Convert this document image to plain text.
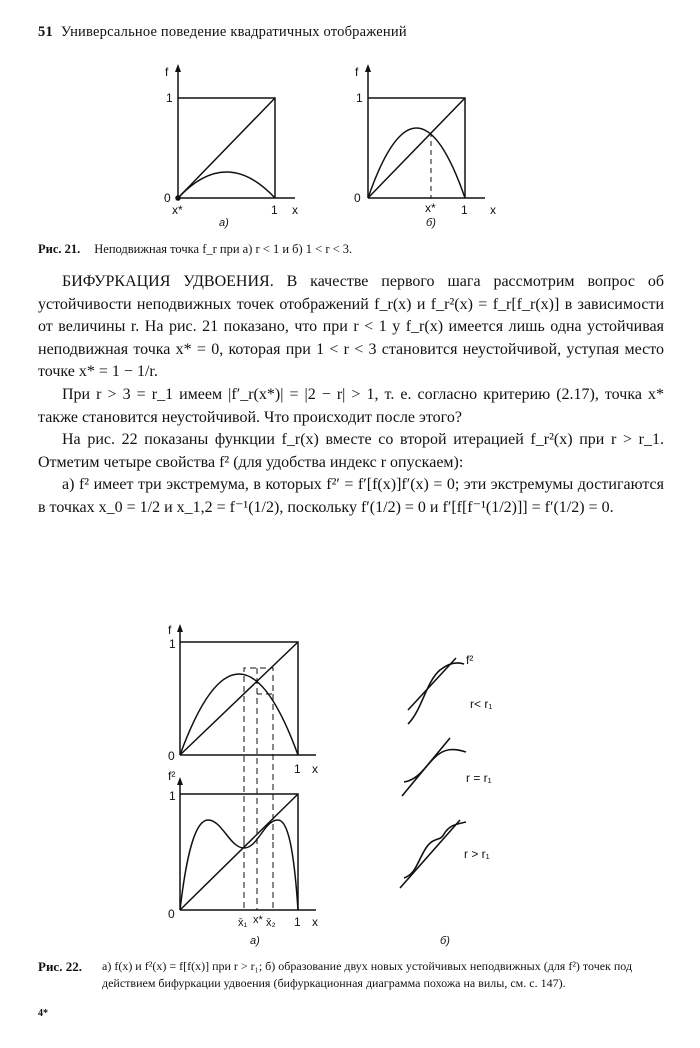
51 Универсальное поведение квадратичных отображений
f
1
0
x*	1 x
а)
f
1
0
x* 1 x
б)
Рис. 21. Неподвижная точка f_r при а) r < 1 и б) 1 < r < 3.

БИФУРКАЦИЯ УДВОЕНИЯ. В качестве первого шага рассмотрим вопрос об устойчивости неподвижных точек отображений f_r(x) и f_r²(x) = f_r[f_r(x)] в зависимости от величины r. На рис. 21 показано, что при r < 1 у f_r(x) имеется лишь одна устойчивая неподвижная точка x* = 0, которая при 1 < r < 3 становится неустойчивой, уступая место точке x* = 1 − 1/r.

При r > 3 = r_1 имеем |f′_r(x*)| = |2 − r| > 1, т. е. согласно критерию (2.17), точка x* также становится неустойчивой. Что происходит после этого?

На рис. 22 показаны функции f_r(x) вместе со второй итерацией f_r²(x) при r > r_1. Отметим четыре свойства f² (для удобства индекс r опускаем):

а) f² имеет три экстремума, в которых f²′ = f′[f(x)]f′(x) = 0; эти экстремумы достигаются в точках x_0 = 1/2 и x_1,2 = f⁻¹(1/2), поскольку f′(1/2) = 0 и f′[f[f⁻¹(1/2)]] = f′(1/2) = 0.

f
1
0
1 x
f²
1
0
x̄₁ x* x̄₂ 1 x
а)
f²
r< r₁
r = r₁
r > r₁
б)
Рис. 22. а) f(x) и f²(x) = f[f(x)] при r > r₁; б) образование двух новых устойчивых неподвижных (для f²) точек под действием бифуркации удвоения (бифуркационная диаграмма похожа на вилы, см. с. 147).
4*
